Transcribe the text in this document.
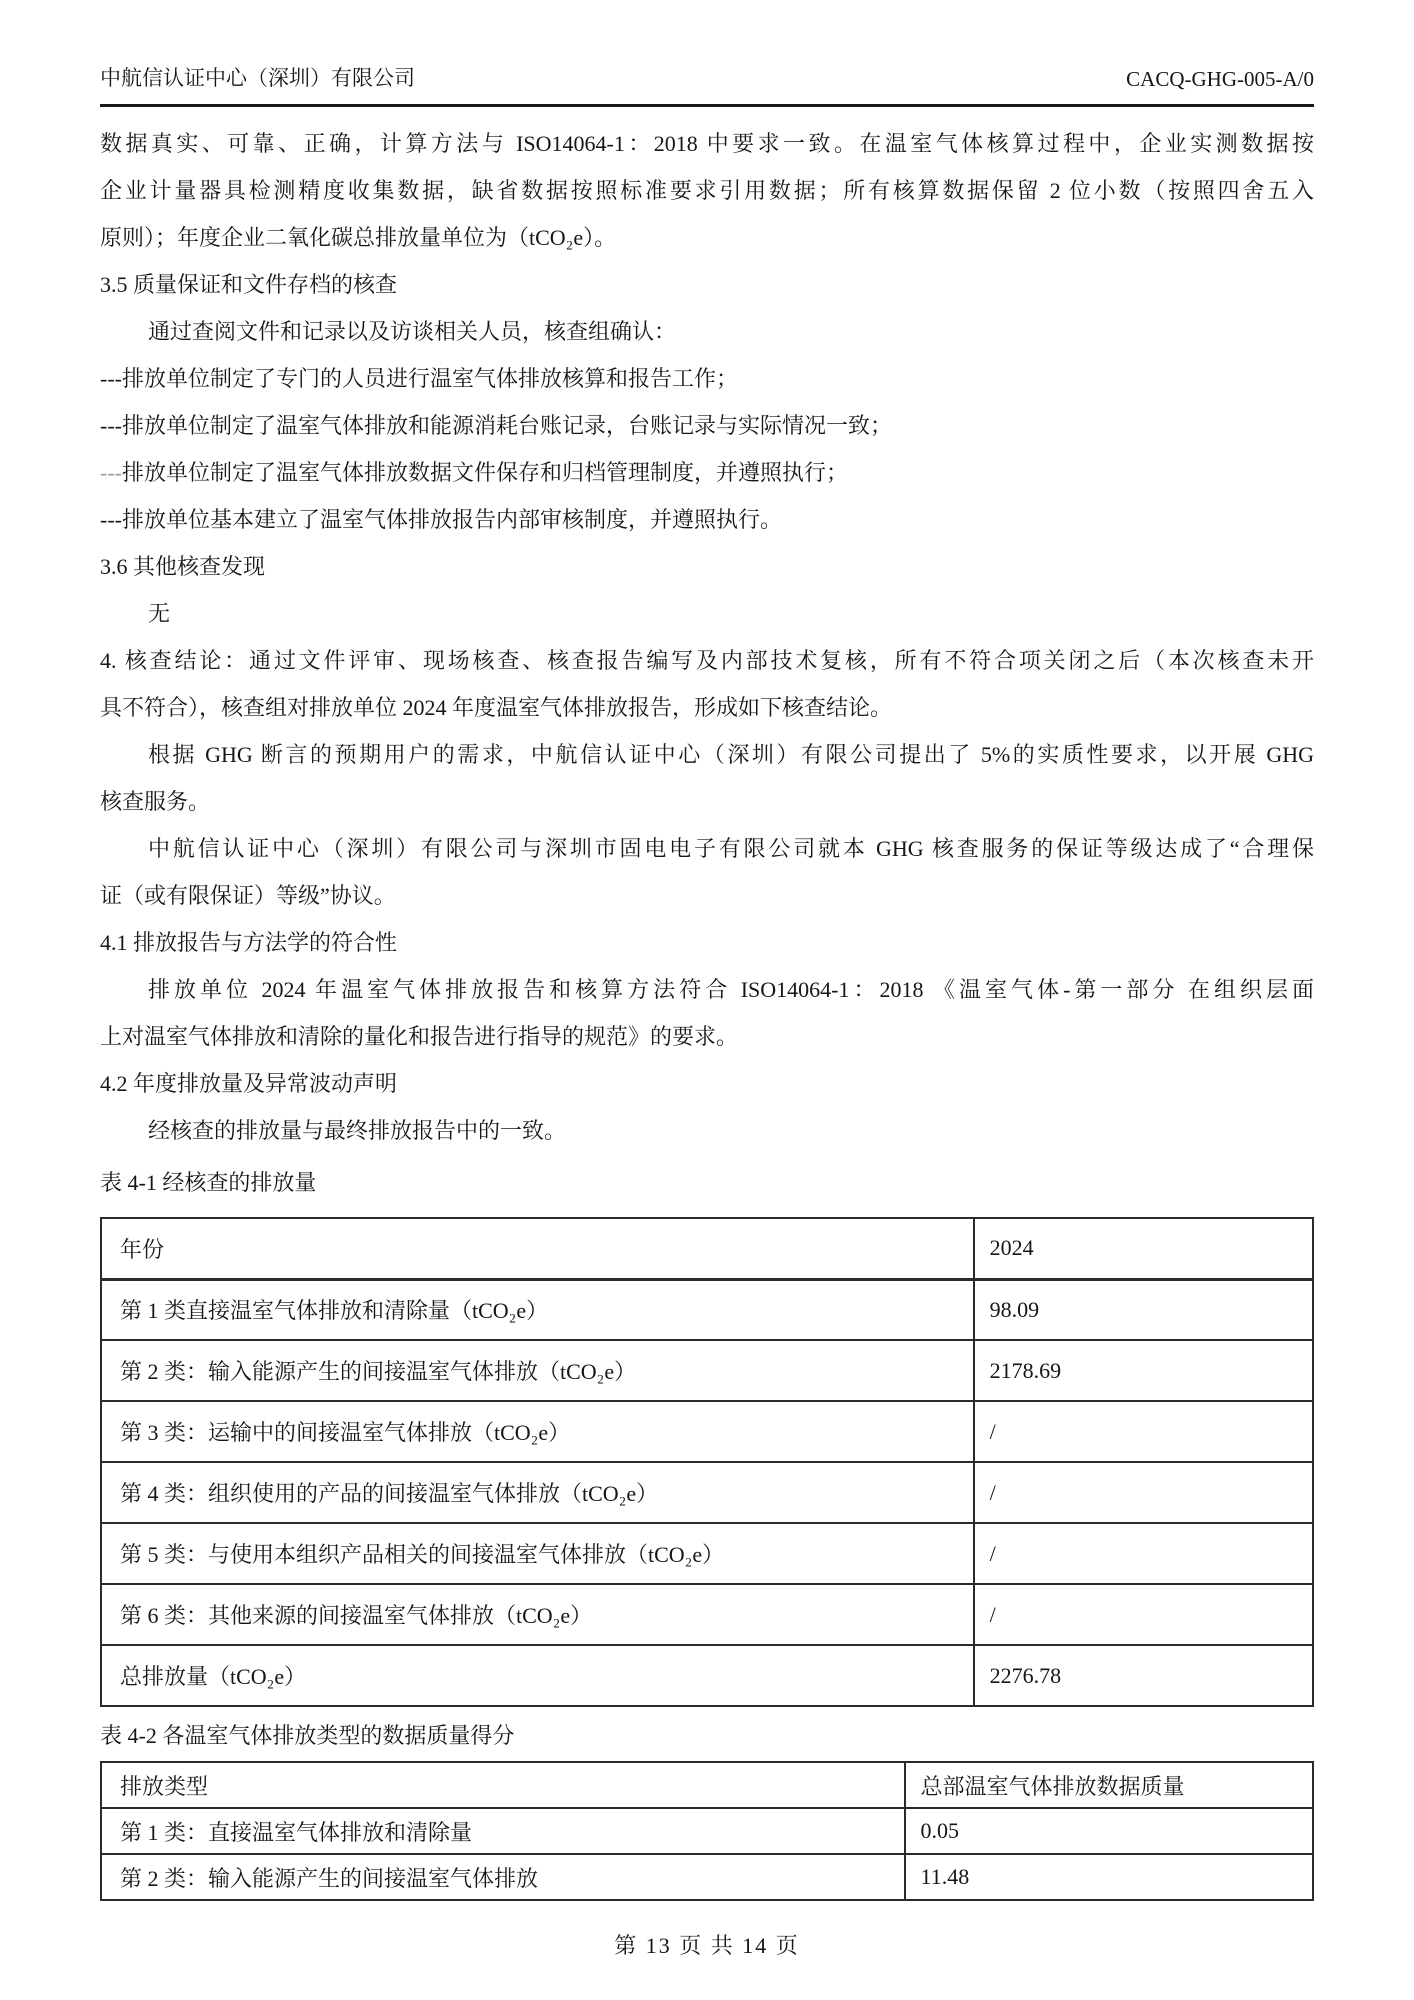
中航信认证中心（深圳）有限公司	CACQ-GHG-005-A/0
数据真实、可靠、正确，计算方法与 ISO14064-1：2018 中要求一致。在温室气体核算过程中，企业实测数据按
企业计量器具检测精度收集数据，缺省数据按照标准要求引用数据；所有核算数据保留 2 位小数（按照四舍五入
原则）；年度企业二氧化碳总排放量单位为（tCO₂e）。
3.5 质量保证和文件存档的核查
通过查阅文件和记录以及访谈相关人员，核查组确认：
---排放单位制定了专门的人员进行温室气体排放核算和报告工作；
---排放单位制定了温室气体排放和能源消耗台账记录，台账记录与实际情况一致；
---排放单位制定了温室气体排放数据文件保存和归档管理制度，并遵照执行；
---排放单位基本建立了温室气体排放报告内部审核制度，并遵照执行。
3.6 其他核查发现
无
4. 核查结论：通过文件评审、现场核查、核查报告编写及内部技术复核，所有不符合项关闭之后（本次核查未开
具不符合），核查组对排放单位 2024 年度温室气体排放报告，形成如下核查结论。
根据 GHG 断言的预期用户的需求，中航信认证中心（深圳）有限公司提出了 5%的实质性要求，以开展 GHG
核查服务。
中航信认证中心（深圳）有限公司与深圳市固电电子有限公司就本 GHG 核查服务的保证等级达成了“合理保
证（或有限保证）等级”协议。
4.1 排放报告与方法学的符合性
排放单位 2024 年温室气体排放报告和核算方法符合 ISO14064-1：2018 《温室气体-第一部分 在组织层面
上对温室气体排放和清除的量化和报告进行指导的规范》的要求。
4.2 年度排放量及异常波动声明
经核查的排放量与最终排放报告中的一致。
表 4-1 经核查的排放量
年份	2024
第 1 类直接温室气体排放和清除量（tCO₂e）	98.09
第 2 类：输入能源产生的间接温室气体排放（tCO₂e）	2178.69
第 3 类：运输中的间接温室气体排放（tCO₂e）	/
第 4 类：组织使用的产品的间接温室气体排放（tCO₂e）	/
第 5 类：与使用本组织产品相关的间接温室气体排放（tCO₂e）	/
第 6 类：其他来源的间接温室气体排放（tCO₂e）	/
总排放量（tCO₂e）	2276.78
表 4-2 各温室气体排放类型的数据质量得分
排放类型	总部温室气体排放数据质量
第 1 类：直接温室气体排放和清除量	0.05
第 2 类：输入能源产生的间接温室气体排放	11.48
第 13 页 共 14 页
